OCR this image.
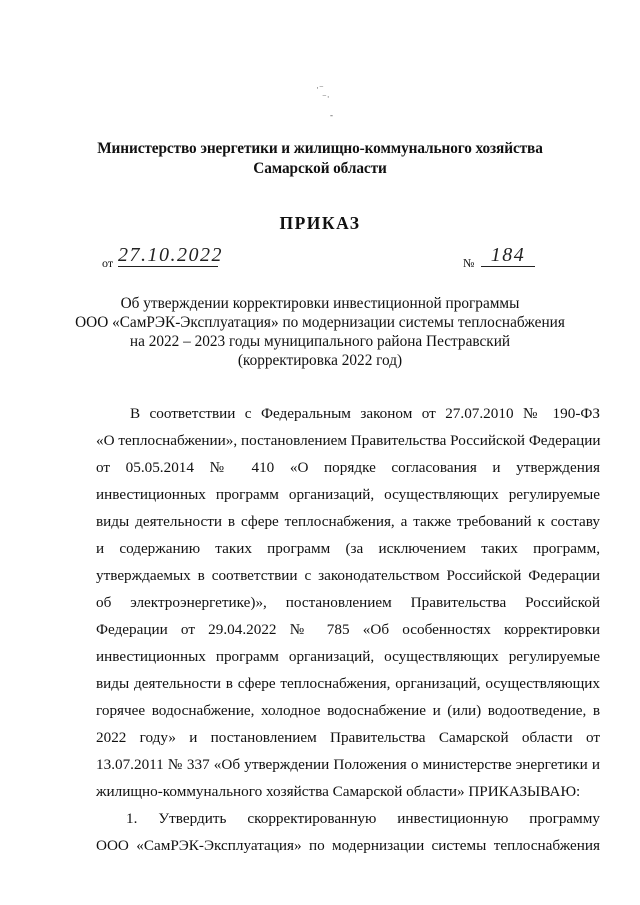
·⁻
⁻·
-
Министерство энергетики и жилищно-коммунального хозяйства
Самарской области
ПРИКАЗ
от 27.10.2022	№ 184
Об утверждении корректировки инвестиционной программы
ООО «СамРЭК-Эксплуатация» по модернизации системы теплоснабжения
на 2022 – 2023 годы муниципального района Пестравский
(корректировка 2022 год)
В соответствии с Федеральным законом от 27.07.2010 № 190-ФЗ
«О теплоснабжении», постановлением Правительства Российской Федерации
от 05.05.2014 № 410 «О порядке согласования и утверждения
инвестиционных программ организаций, осуществляющих регулируемые
виды деятельности в сфере теплоснабжения, а также требований к составу
и содержанию таких программ (за исключением таких программ,
утверждаемых в соответствии с законодательством Российской Федерации
об электроэнергетике)», постановлением Правительства Российской
Федерации от 29.04.2022 № 785 «Об особенностях корректировки
инвестиционных программ организаций, осуществляющих регулируемые
виды деятельности в сфере теплоснабжения, организаций, осуществляющих
горячее водоснабжение, холодное водоснабжение и (или) водоотведение, в
2022 году» и постановлением Правительства Самарской области от
13.07.2011 № 337 «Об утверждении Положения о министерстве энергетики и
жилищно-коммунального хозяйства Самарской области» ПРИКАЗЫВАЮ:
1. Утвердить скорректированную инвестиционную программу
ООО «СамРЭК-Эксплуатация» по модернизации системы теплоснабжения
